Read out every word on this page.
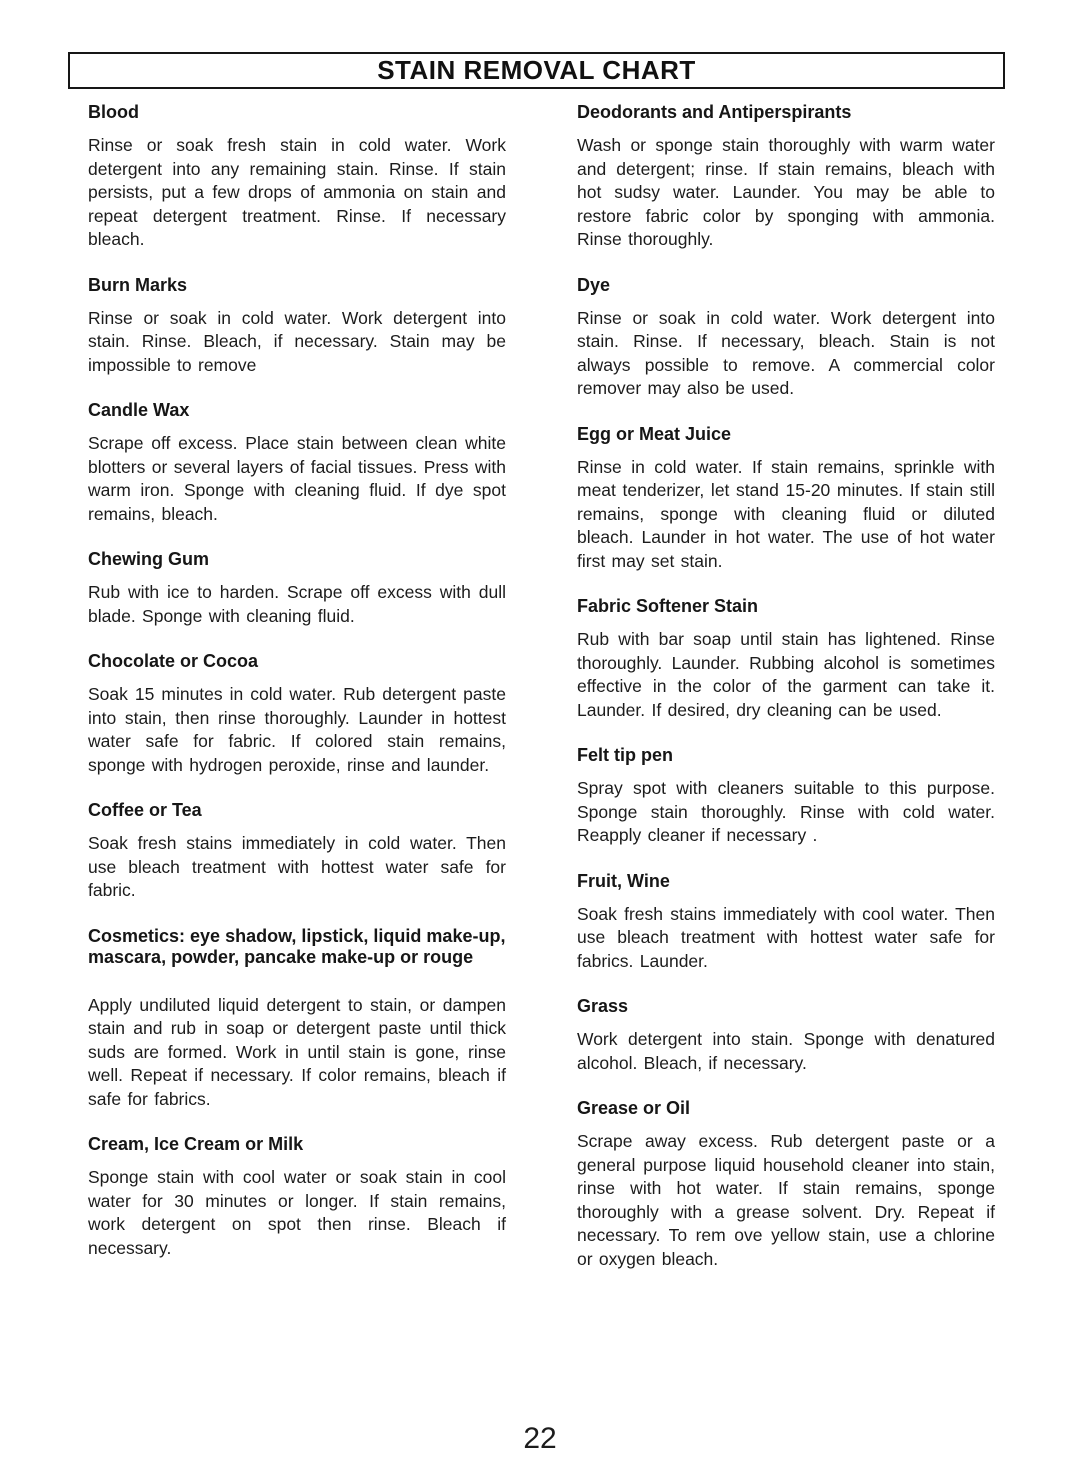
STAIN REMOVAL CHART
Blood

Rinse or soak fresh stain in cold water. Work detergent into any remaining stain. Rinse. If stain persists, put a few drops of ammonia on stain and repeat detergent treatment. Rinse. If necessary bleach.

Burn Marks

Rinse or soak in cold water. Work detergent into stain. Rinse. Bleach, if necessary. Stain may be impossible to remove

Candle Wax

Scrape off excess. Place stain between clean white blotters or several layers of facial tissues. Press with warm iron. Sponge with cleaning fluid. If dye spot remains, bleach.

Chewing Gum

Rub with ice to harden. Scrape off excess with dull blade. Sponge with cleaning fluid.

Chocolate or Cocoa

Soak 15 minutes in cold water. Rub detergent paste into stain, then rinse thoroughly. Launder in hottest water safe for fabric. If colored stain remains, sponge with hydrogen peroxide, rinse and launder.

Coffee or Tea

Soak fresh stains immediately in cold water. Then use bleach treatment with hottest water safe for fabric.

Cosmetics: eye shadow, lipstick, liquid make-up, mascara, powder, pancake make-up or rouge

Apply undiluted liquid detergent to stain, or dampen stain and rub in soap or detergent paste until thick suds are formed. Work in until stain is gone, rinse well. Repeat if necessary. If color remains, bleach if safe for fabrics.

Cream, Ice Cream or Milk

Sponge stain with cool water or soak stain in cool water for 30 minutes or longer. If stain remains, work detergent on spot then rinse. Bleach if necessary.

Deodorants and Antiperspirants

Wash or sponge stain thoroughly with warm water and detergent; rinse. If stain remains, bleach with hot sudsy water. Launder. You may be able to restore fabric color by sponging with ammonia. Rinse thoroughly.

Dye

Rinse or soak in cold water. Work detergent into stain. Rinse. If necessary, bleach. Stain is not always possible to remove. A commercial color remover may also be used.

Egg or Meat Juice

Rinse in cold water. If stain remains, sprinkle with meat tenderizer, let stand 15-20 minutes. If stain still remains, sponge with cleaning fluid or diluted bleach. Launder in hot water. The use of hot water first may set stain.

Fabric Softener Stain

Rub with bar soap until stain has lightened. Rinse thoroughly. Launder. Rubbing alcohol is sometimes effective in the color of the garment can take it. Launder. If desired, dry cleaning can be used.

Felt tip pen

Spray spot with cleaners suitable to this purpose. Sponge stain thoroughly. Rinse with cold water. Reapply cleaner if necessary .

Fruit, Wine

Soak fresh stains immediately with cool water. Then use bleach treatment with hottest water safe for fabrics. Launder.

Grass

Work detergent into stain. Sponge with denatured alcohol. Bleach, if necessary.

Grease or Oil

Scrape away excess. Rub detergent paste or a general purpose liquid household cleaner into stain, rinse with hot water. If stain remains, sponge thoroughly with a grease solvent. Dry. Repeat if necessary. To rem ove yellow stain, use a chlorine or oxygen bleach.

22
